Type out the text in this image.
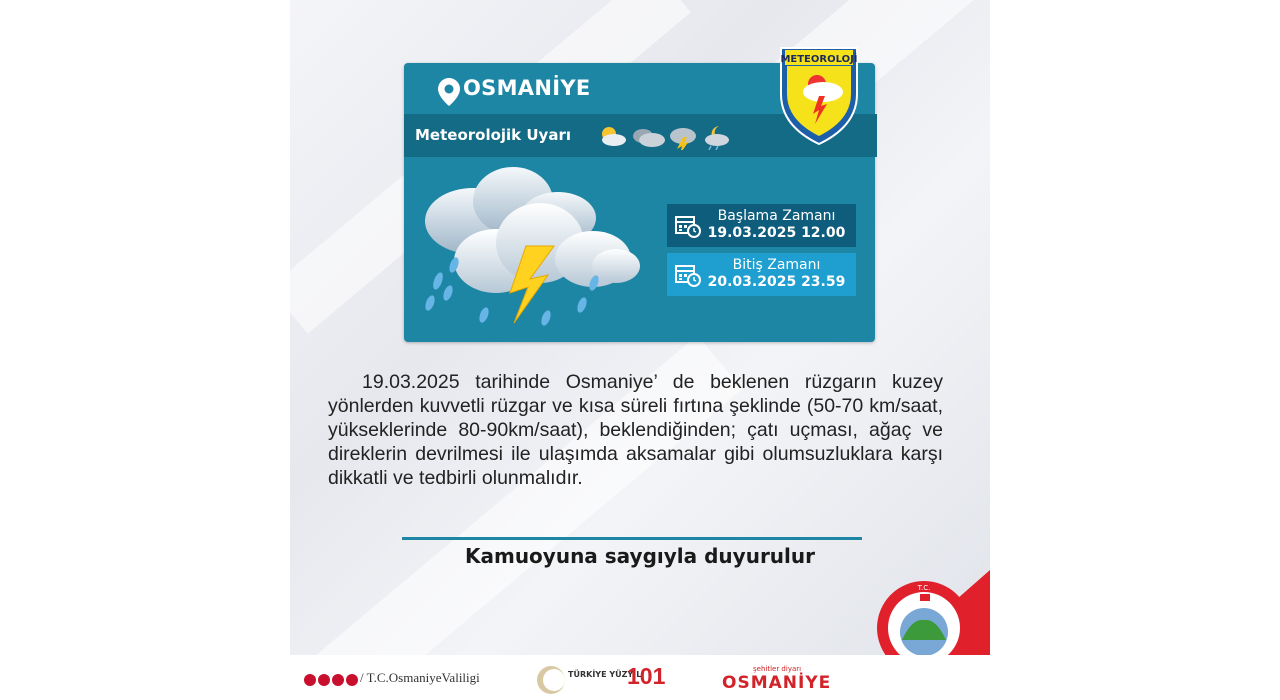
OSMANİYE
Meteorolojik Uyarı
Başlama Zamanı
19.03.2025 12.00
Bitiş Zamanı
20.03.2025 23.59
METEOROLOJİ
19.03.2025 tarihinde Osmaniye’ de beklenen rüzgarın kuzey yönlerden kuvvetli rüzgar ve kısa süreli fırtına şeklinde (50-70 km/saat, yükseklerinde 80-90km/saat), beklendiğinden; çatı uçması, ağaç ve direklerin devrilmesi ile ulaşımda aksamalar gibi olumsuzluklara karşı dikkatli ve tedbirli olunmalıdır.
Kamuoyuna saygıyla duyurulur
T.C.
/ T.C.OsmaniyeValiligi	TÜRKİYE YÜZYILI
101	şehitler diyarı
OSMANİYE
